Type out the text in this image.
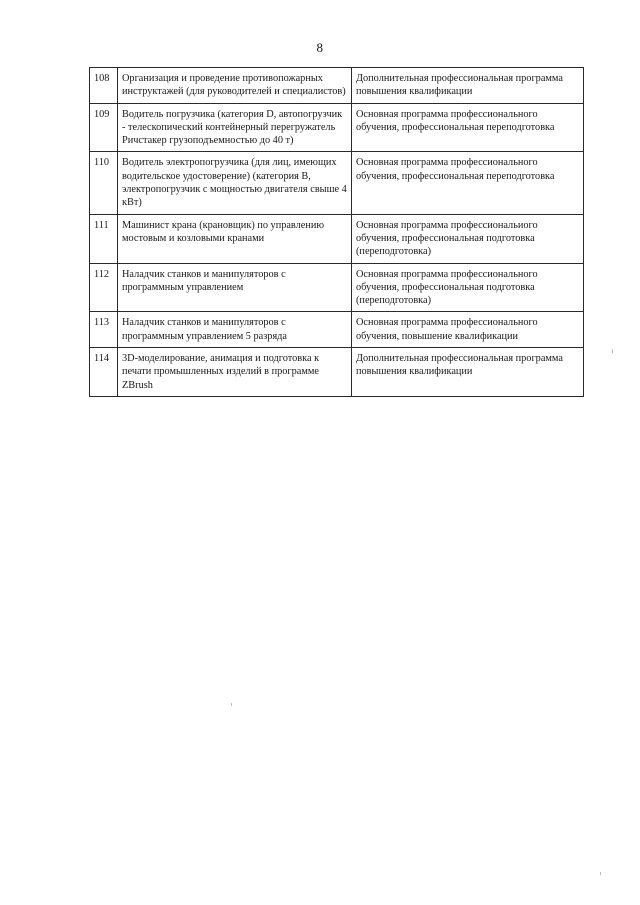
8
108	Организация и проведение противопожарных инструктажей (для руководителей и специалистов)	Дополнительная профессиональная программа повышения квалификации
109	Водитель погрузчика (категория D, автопогрузчик - телескопический контейнерный перегружатель Ричстакер грузоподъемностью до 40 т)	Основная программа профессионального обучения, профессиональная переподготовка
110	Водитель электропогрузчика (для лиц, имеющих водительское удостоверение) (категория В, электропогрузчик с мощностью двигателя свыше 4 кВт)	Основная программа профессионального обучения, профессиональная переподготовка
111	Машинист крана (крановщик) по управлению мостовым и козловыми кранами	Основная программа профессиональиого обучения, профессиональная подготовка (переподготовка)
112	Наладчик станков и манипуляторов с программным управлением	Основная программа профессионального обучения, профессиональная подготовка (переподготовка)
113	Наладчик станков и манипуляторов с программным управлением 5 разряда	Основная программа профессионального обучения, повышение квалификации
114	3D-моделирование, анимация и подготовка к печати промышленных изделий в программе ZBrush	Дополнительная профессиональная программа повышения квалификации
